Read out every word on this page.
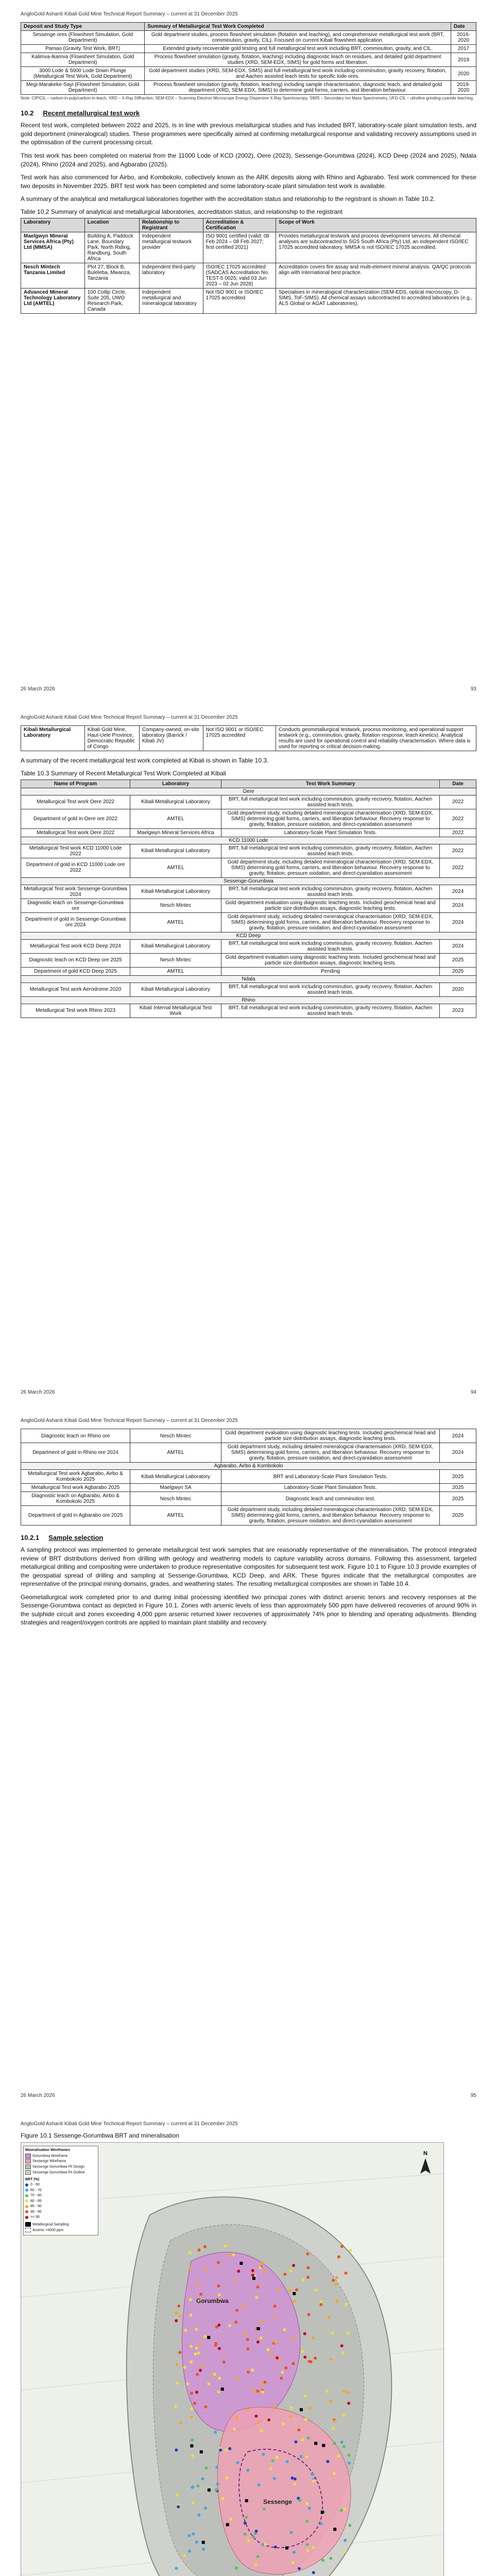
AngloGold Ashanti Kibali Gold Mine Technical Report Summary – current at 31 December 2025
Deposit and Study Type	Summary of Metallurgical Test Work Completed	Date
Sessenge ores (Flowsheet Simulation, Gold Department)	Gold department studies, process flowsheet simulation (flotation and leaching), and comprehensive metallurgical test work (BRT, comminution, gravity, CIL). Focused on current Kibali flowsheet application.	2016-2020
Pamao (Gravity Test Work, BRT)	Extended gravity recoverable gold testing and full metallurgical test work including BRT, comminution, gravity, and CIL.	2017
Kalimva-Ikamva (Flowsheet Simulation, Gold Department)	Process flowsheet simulation (gravity, flotation, leaching) including diagnostic leach on residues, and detailed gold department studies (XRD, SEM-EDX, SIMS) for gold forms and liberation.	2019
3000 Lode & 5000 Lode Down Plunge (Metallurgical Test Work, Gold Department)	Gold department studies (XRD, SEM-EDX, SIMS) and full metallurgical test work including comminution, gravity recovery, flotation, and Aachen assisted leach tests for specific lode ores.	2020
Megi-Marakeke-Sayi (Flowsheet Simulation, Gold Department)	Process flowsheet simulation (gravity, flotation, leaching) including sample characterisation, diagnostic leach, and detailed gold department (XRD, SEM-EDX, SIMS) to determine gold forms, carriers, and liberation behaviour.	2019-2020
Note: CIP/CIL – carbon-in-pulp/carbon-in-leach, XRD – X-Ray Diffraction, SEM-EDX – Scanning Electron Microscope Energy Dispersive X-Ray Spectroscopy, SIMS – Secondary Ion Mass Spectrometry, UFG-CIL – ultrafine grinding-cyanide leaching.
10.2 Recent metallurgical test work

Recent test work, completed between 2022 and 2025, is in line with previous metallurgical studies and has included BRT, laboratory-scale plant simulation tests, and gold deportment (mineralogical) studies. These programmes were specifically aimed at confirming metallurgical response and validating recovery assumptions used in the optimisation of the current processing circuit.

This test work has been completed on material from the 11000 Lode of KCD (2002), Oere (2023), Sessenge-Gorumbwa (2024), KCD Deep (2024 and 2025), Ndala (2024), Rhino (2024 and 2025), and Agbarabo (2025).

Test work has also commenced for Airbo, and Kombokolo, collectively known as the ARK deposits along with Rhino and Agbarabo. Test work commenced for these two deposits in November 2025. BRT test work has been completed and some laboratory-scale plant simulation test work is available.

A summary of the analytical and metallurgical laboratories together with the accreditation status and relationship to the registrant is shown in Table 10.2.

Table 10.2 Summary of analytical and metallurgical laboratories, accreditation status, and relationship to the registrant
Laboratory	Location	Relationship to Registrant	Accreditation & Certification	Scope of Work
Maelgwyn Mineral Services Africa (Pty) Ltd (MMSA)	Building A, Paddock Lane, Boundary Park, North Riding, Randburg, South Africa	Independent metallurgical testwork provider	ISO 9001 certified (valid: 08 Feb 2024 – 08 Feb 2027; first certified 2021)	Provides metallurgical testwork and process development services. All chemical analyses are subcontracted to SGS South Africa (Pty) Ltd, an independent ISO/IEC 17025 accredited laboratory. MMSA is not ISO/IEC 17025 accredited.
Nesch Mintech Tanzania Limited	Plot 27, Block B, Buleleba, Mwanza, Tanzania	Independent third-party laboratory	ISO/IEC 17025 accredited (SADCAS Accreditation No. TEST-5 0025; valid 03 Jun 2023 – 02 Jun 2028)	Accreditation covers fire assay and multi-element mineral analysis. QA/QC protocols align with international best practice.
Advanced Mineral Technology Laboratory Ltd (AMTEL)	100 Collip Circle, Suite 205, UWO Research Park, Canada	Independent metallurgical and mineralogical laboratory	Not ISO 9001 or ISO/IEC 17025 accredited	Specialises in mineralogical characterization (SEM-EDS, optical microscopy, D-SIMS, ToF-SIMS). All chemical assays subcontracted to accredited laboratories (e.g., ALS Global or AGAT Laboratories).
26 March 2026	93
AngloGold Ashanti Kibali Gold Mine Technical Report Summary – current at 31 December 2025
Kibali Metallurgical Laboratory	Kibali Gold Mine, Haut-Uele Province, Democratic Republic of Congo	Company-owned, on-site laboratory (Barrick / Kibali JV)	Not ISO 9001 or ISO/IEC 17025 accredited	Conducts geometallurgical testwork, process monitoring, and operational support testwork (e.g., comminution, gravity, flotation response, leach kinetics). Analytical results are used for operational control and reliability characterisation. Where data is used for reporting or critical decision-making.

A summary of the recent metallurgical test work completed at Kibali is shown in Table 10.3.

Table 10.3 Summary of Recent Metallurgical Test Work Completed at Kibali
Name of Program	Laboratory	Test Work Summary	Date
Oere			
Metallurgical Test work Oere 2022	Kibali Metallurgical Laboratory	BRT, full metallurgical test work including comminution, gravity recovery, flotation, Aachen assisted leach tests.	2022
Department of gold in Oere ore 2022	AMTEL	Gold department study, including detailed mineralogical characterisation (XRD, SEM-EDX, SIMS) determining gold forms, carriers, and liberation behaviour. Recovery response to gravity, flotation, pressure oxidation, and direct-cyanidation assessment	2022
Metallurgical Test work Oere 2022	Maelgwyn Mineral Services Africa	Laboratory-Scale Plant Simulation Tests.	2022
KCD 11000 Lode			
Metallurgical Test work KCD 11000 Lode 2022	Kibali Metallurgical Laboratory	BRT, full metallurgical test work including comminution, gravity recovery, flotation, Aachen assisted leach tests.	2022
Department of gold in KCD 11000 Lode ore 2022	AMTEL	Gold department study, including detailed mineralogical characterisation (XRD, SEM-EDX, SIMS) determining gold forms, carriers, and liberation behaviour. Recovery response to gravity, flotation, pressure oxidation, and direct-cyanidation assessment	2022
Sessenge-Gorumbwa			
Metallurgical Test work Sessenge-Gorumbwa 2024	Kibali Metallurgical Laboratory	BRT, full metallurgical test work including comminution, gravity recovery, flotation, Aachen assisted leach tests.	2024
Diagnostic leach on Sessenge-Gorumbwa ore	Nesch Mintec	Gold department evaluation using diagnostic leaching tests. Included geochemical head and particle size distribution assays, diagnostic leaching tests.	2024
Department of gold in Sessenge-Gorumbwa ore 2024	AMTEL	Gold department study, including detailed mineralogical characterisation (XRD, SEM-EDX, SIMS) determining gold forms, carriers, and liberation behaviour. Recovery response to gravity, flotation, pressure oxidation, and direct-cyanidation assessment	2024
KCD Deep			
Metallurgical Test work KCD Deep 2024	Kibali Metallurgical Laboratory	BRT, full metallurgical test work including comminution, gravity recovery, flotation, Aachen assisted leach tests.	2024
Diagnostic leach on KCD Deep ore 2025	Nesch Mintec	Gold department evaluation using diagnostic leaching tests. Included geochemical head and particle size distribution assays, diagnostic leaching tests.	2025
Department of gold KCD Deep 2025	AMTEL	Pending	2025
Ndala			
Metallurgical Test work Aerodrome 2020	Kibali Metallurgical Laboratory	BRT, full metallurgical test work including comminution, gravity recovery, flotation, Aachen assisted leach tests.	2020
Rhino			
Metallurgical Test work Rhino 2023	Kibali Internal Metallurgical Test Work	BRT, full metallurgical test work including comminution, gravity recovery, flotation, Aachen assisted leach tests.	2023
26 March 2026	94
AngloGold Ashanti Kibali Gold Mine Technical Report Summary – current at 31 December 2025
Diagnostic leach on Rhino ore	Nesch Mintec	Gold department evaluation using diagnostic leaching tests. Included geochemical head and particle size distribution assays, diagnostic leaching tests.	2024
Department of gold in Rhino ore 2024	AMTEL	Gold department study, including detailed mineralogical characterisation (XRD, SEM-EDX, SIMS) determining gold forms, carriers, and liberation behaviour. Recovery response to gravity, flotation, pressure oxidation, and direct-cyanidation assessment	2024
Agbarabo, Airbo & Kombokolo			
Metallurgical Test work Agbarabo, Airbo & Kombokolo 2025	Kibali Metallurgical Laboratory	BRT and Laboratory-Scale Plant Simulation Tests.	2025
Metallurgical Test work Agbarabo 2025	Maelgwyn SA	Laboratory-Scale Plant Simulation Tests.	2025
Diagnostic leach on Agbarabo, Airbo & Kombokolo 2025	Nesch Mintec	Diagnostic leach and comminution test.	2025
Department of gold in Agbarabo ore 2025	AMTEL	Gold department study, including detailed mineralogical characterisation (XRD, SEM-EDX, SIMS) determining gold forms, carriers, and liberation behaviour. Recovery response to gravity, flotation, pressure oxidation, and direct-cyanidation assessment	2025
10.2.1 Sample selection

A sampling protocol was implemented to generate metallurgical test work samples that are reasonably representative of the mineralisation. The protocol integrated review of BRT distributions derived from drilling with geology and weathering models to capture variability across domains. Following this assessment, targeted metallurgical drilling and compositing were undertaken to produce representative composites for subsequent test work. Figure 10.1 to Figure 10.3 provide examples of the geospatial spread of drilling and sampling at Sessenge-Gorumbwa, KCD Deep, and ARK. These figures indicate that the metallurgical composites are representative of the principal mining domains, grades, and weathering states. The resulting metallurgical composites are shown in Table 10.4.

Geometallurgical work completed prior to and during initial processing identified two principal zones with distinct arsenic tenors and recovery responses at the Sessenge-Gorumbwa contact as depicted in Figure 10.1. Zones with arsenic levels of less than approximately 500 ppm have delivered recoveries of around 90% in the sulphide circuit and zones exceeding 4,000 ppm arsenic returned lower recoveries of approximately 74% prior to blending and operating adjustments. Blending strategies and reagent/oxygen controls are applied to maintain plant stability and recovery.

26 March 2026	95
AngloGold Ashanti Kibali Gold Mine Technical Report Summary – current at 31 December 2025
Figure 10.1 Sessenge-Gorumbwa BRT and mineralisation
N
Mineralisation Wireframes
Gorumbwa Wireframe
Sessenge Wireframe
Sessenge Gorumbwa Pit Design
Sessenge Gorumbwa Pit Outline
BRT (%)
0 - 60
60 - 70
70 - 80
80 - 85
85 - 90
90 - 95
>= 95
Metallurgical Sampling
Arsenic >4000 ppm
Gorumbwa
Sessenge
